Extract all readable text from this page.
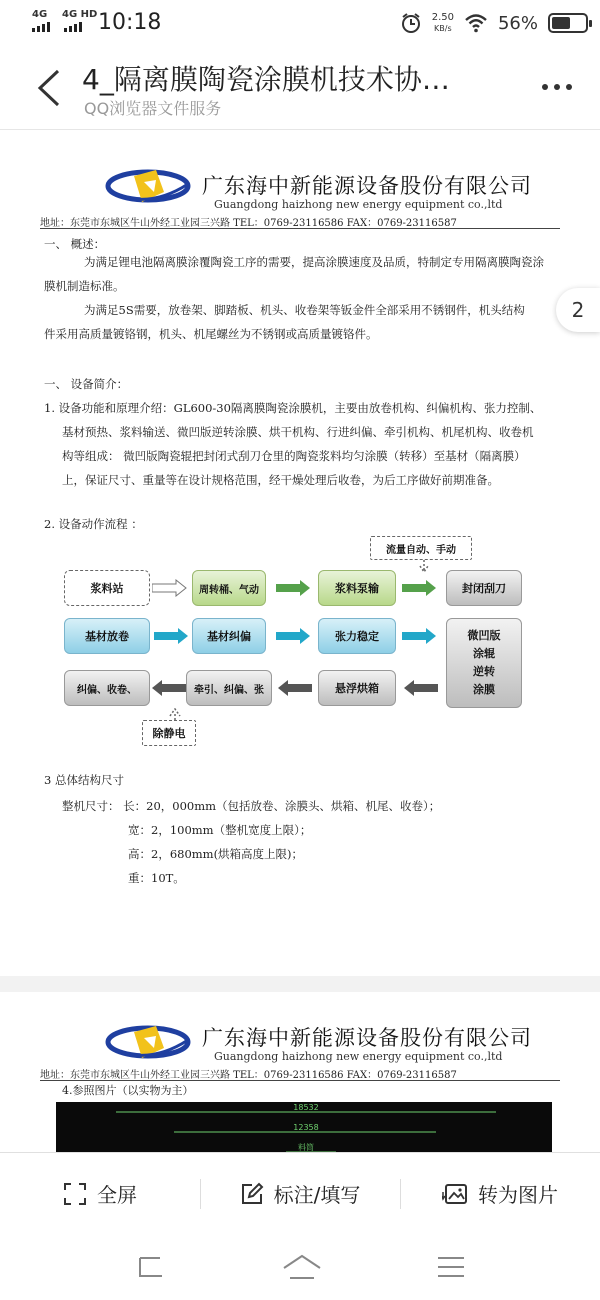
4G 4G HD 10:18	2.50
KB/s	56%
4_隔离膜陶瓷涂膜机技术协…
QQ浏览器文件服务
广东海中新能源设备股份有限公司
Guangdong haizhong new energy equipment co.,ltd
地址：东莞市东城区牛山外经工业园三兴路 TEL：0769-23116586 FAX：0769-23116587
一、 概述：
为满足锂电池隔离膜涂覆陶瓷工序的需要，提高涂膜速度及品质，特制定专用隔离膜陶瓷涂
膜机制造标准。
为满足5S需要，放卷架、脚踏板、机头、收卷架等钣金件全部采用不锈钢件，机头结构
件采用高质量镀铬钢，机头、机尾螺丝为不锈钢或高质量镀铬件。
一、 设备简介：
1. 设备功能和原理介绍：GL600-30隔离膜陶瓷涂膜机，主要由放卷机构、纠偏机构、张力控制、
基材预热、浆料输送、微凹版逆转涂膜、烘干机构、行进纠偏、牵引机构、机尾机构、收卷机
构等组成： 微凹版陶瓷辊把封闭式刮刀仓里的陶瓷浆料均匀涂膜（转移）至基材（隔离膜）
上，保证尺寸、重量等在设计规格范围，经干燥处理后收卷，为后工序做好前期准备。
2. 设备动作流程 ：
流量自动、手动
浆料站	周转桶、气动	浆料泵输	封闭刮刀
基材放卷	基材纠偏	张力稳定	微凹版
涂辊
逆转
涂膜
纠偏、收卷、	牵引、纠偏、张	悬浮烘箱
除静电
3 总体结构尺寸
整机尺寸： 长：20，000mm（包括放卷、涂膜头、烘箱、机尾、收卷）；
宽：2，100mm（整机宽度上限）；
高：2，680mm(烘箱高度上限)；
重：10T。
2
广东海中新能源设备股份有限公司
Guangdong haizhong new energy equipment co.,ltd
地址：东莞市东城区牛山外经工业园三兴路 TEL：0769-23116586 FAX：0769-23116587
4.参照图片（以实物为主）
18532
12358
料筒
全屏	标注/填写	转为图片
